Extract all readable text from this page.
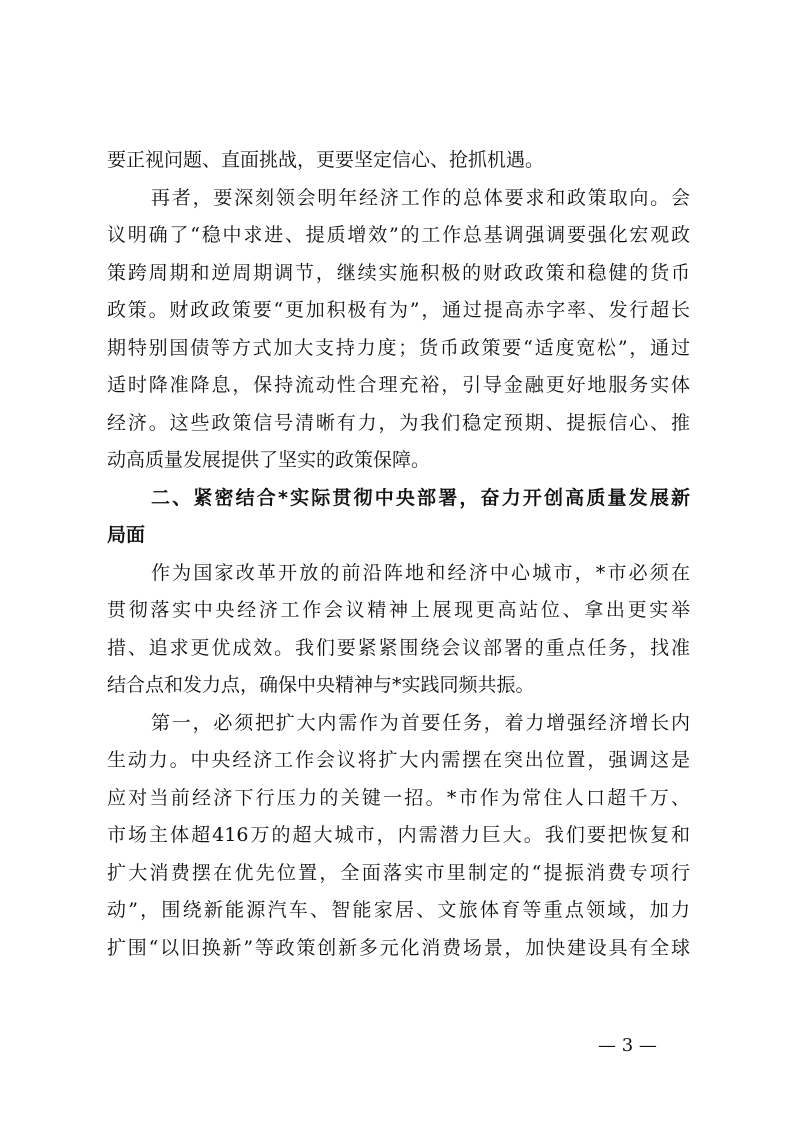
要正视问题、直面挑战，更要坚定信心、抢抓机遇。
再者，要深刻领会明年经济工作的总体要求和政策取向。会
议明确了“稳中求进、提质增效”的工作总基调强调要强化宏观政
策跨周期和逆周期调节，继续实施积极的财政政策和稳健的货币
政策。财政政策要“更加积极有为”，通过提高赤字率、发行超长
期特别国债等方式加大支持力度；货币政策要“适度宽松”，通过
适时降准降息，保持流动性合理充裕，引导金融更好地服务实体
经济。这些政策信号清晰有力，为我们稳定预期、提振信心、推
动高质量发展提供了坚实的政策保障。
二、紧密结合*实际贯彻中央部署，奋力开创高质量发展新
局面
作为国家改革开放的前沿阵地和经济中心城市，*市必须在
贯彻落实中央经济工作会议精神上展现更高站位、拿出更实举
措、追求更优成效。我们要紧紧围绕会议部署的重点任务，找准
结合点和发力点，确保中央精神与*实践同频共振。
第一，必须把扩大内需作为首要任务，着力增强经济增长内
生动力。中央经济工作会议将扩大内需摆在突出位置，强调这是
应对当前经济下行压力的关键一招。*市作为常住人口超千万、
市场主体超416万的超大城市，内需潜力巨大。我们要把恢复和
扩大消费摆在优先位置，全面落实市里制定的“提振消费专项行
动”，围绕新能源汽车、智能家居、文旅体育等重点领域，加力
扩围“以旧换新”等政策创新多元化消费场景，加快建设具有全球
— 3 —
